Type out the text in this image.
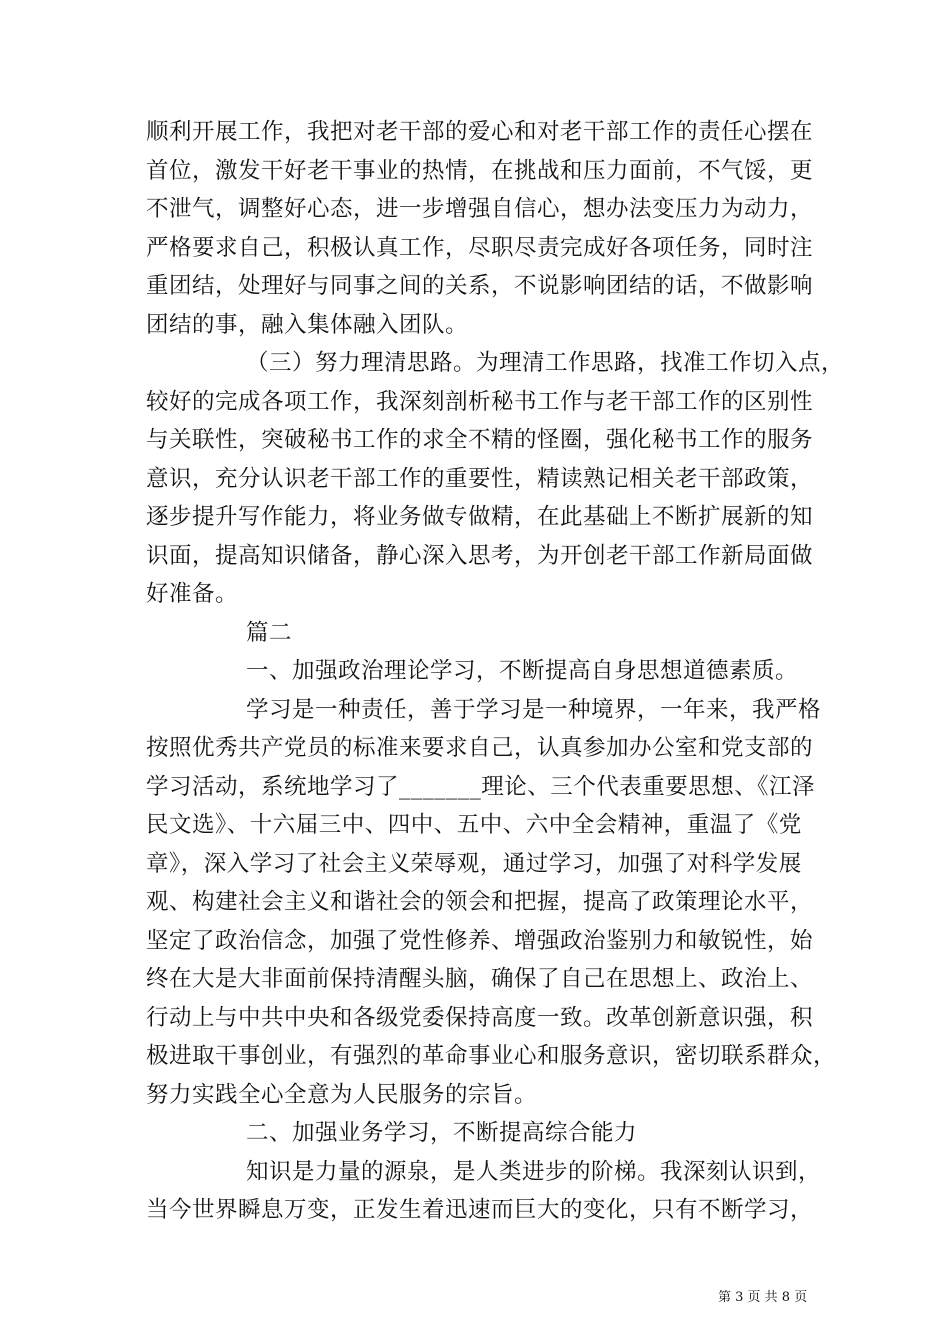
顺利开展工作，我把对老干部的爱心和对老干部工作的责任心摆在
首位，激发干好老干事业的热情，在挑战和压力面前，不气馁，更
不泄气，调整好心态，进一步增强自信心，想办法变压力为动力，
严格要求自己，积极认真工作，尽职尽责完成好各项任务，同时注
重团结，处理好与同事之间的关系，不说影响团结的话，不做影响
团结的事，融入集体融入团队。
（三）努力理清思路。为理清工作思路，找准工作切入点，
较好的完成各项工作，我深刻剖析秘书工作与老干部工作的区别性
与关联性，突破秘书工作的求全不精的怪圈，强化秘书工作的服务
意识，充分认识老干部工作的重要性，精读熟记相关老干部政策，
逐步提升写作能力，将业务做专做精，在此基础上不断扩展新的知
识面，提高知识储备，静心深入思考，为开创老干部工作新局面做
好准备。
篇二
一、加强政治理论学习，不断提高自身思想道德素质。
学习是一种责任，善于学习是一种境界，一年来，我严格
按照优秀共产党员的标准来要求自己，认真参加办公室和党支部的
学习活动，系统地学习了_______理论、三个代表重要思想、《江泽
民文选》、十六届三中、四中、五中、六中全会精神，重温了《党
章》，深入学习了社会主义荣辱观，通过学习，加强了对科学发展
观、构建社会主义和谐社会的领会和把握，提高了政策理论水平，
坚定了政治信念，加强了党性修养、增强政治鉴别力和敏锐性，始
终在大是大非面前保持清醒头脑，确保了自己在思想上、政治上、
行动上与中共中央和各级党委保持高度一致。改革创新意识强，积
极进取干事创业，有强烈的革命事业心和服务意识，密切联系群众，
努力实践全心全意为人民服务的宗旨。
二、加强业务学习，不断提高综合能力
知识是力量的源泉，是人类进步的阶梯。我深刻认识到，
当今世界瞬息万变，正发生着迅速而巨大的变化，只有不断学习，
第 3 页 共 8 页
